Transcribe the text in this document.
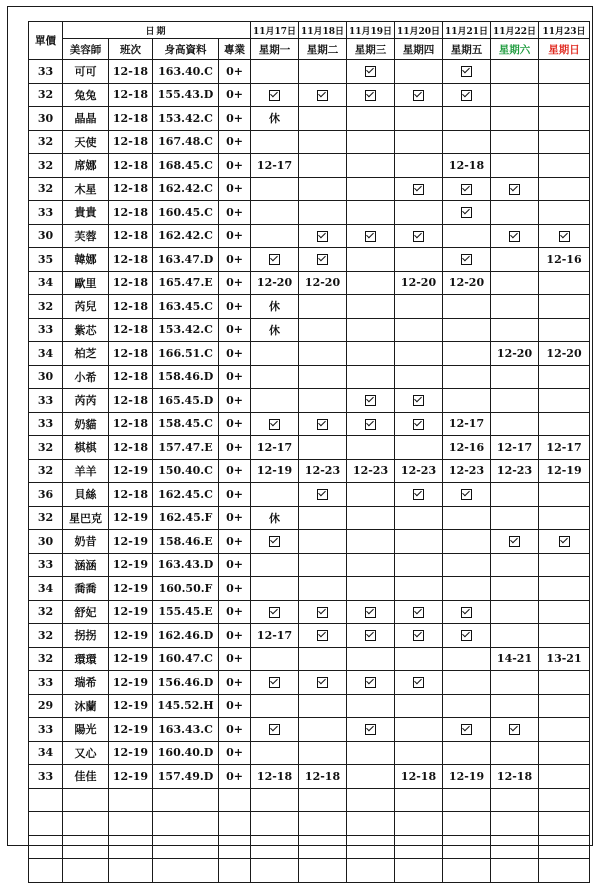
單價	日期				11月17日	11月18日	11月19日	11月20日	11月21日	11月22日	11月23日
	美容師	班次	身高資料	專業	星期一	星期二	星期三	星期四	星期五	星期六	星期日
33	可可	12-18	163.40.C	0+							
32	兔兔	12-18	155.43.D	0+							
30	晶晶	12-18	153.42.C	0+	休						
32	天使	12-18	167.48.C	0+							
32	席娜	12-18	168.45.C	0+	12-17				12-18		
32	木星	12-18	162.42.C	0+							
33	貴貴	12-18	160.45.C	0+							
30	芙蓉	12-18	162.42.C	0+							
35	韓娜	12-18	163.47.D	0+							12-16
34	歐里	12-18	165.47.E	0+	12-20	12-20		12-20	12-20		
32	芮兒	12-18	163.45.C	0+	休						
33	紫芯	12-18	153.42.C	0+	休						
34	柏芝	12-18	166.51.C	0+						12-20	12-20
30	小希	12-18	158.46.D	0+							
33	芮芮	12-18	165.45.D	0+							
33	奶貓	12-18	158.45.C	0+					12-17		
32	棋棋	12-18	157.47.E	0+	12-17				12-16	12-17	12-17
32	羊羊	12-19	150.40.C	0+	12-19	12-23	12-23	12-23	12-23	12-23	12-19
36	貝絲	12-18	162.45.C	0+							
32	星巴克	12-19	162.45.F	0+	休						
30	奶昔	12-19	158.46.E	0+							
33	涵涵	12-19	163.43.D	0+							
34	喬喬	12-19	160.50.F	0+							
32	舒妃	12-19	155.45.E	0+							
32	拐拐	12-19	162.46.D	0+	12-17						
32	環環	12-19	160.47.C	0+						14-21	13-21
33	瑞希	12-19	156.46.D	0+							
29	沐蘭	12-19	145.52.H	0+							
33	陽光	12-19	163.43.C	0+							
34	又心	12-19	160.40.D	0+							
33	佳佳	12-19	157.49.D	0+	12-18	12-18		12-18	12-19	12-18	
